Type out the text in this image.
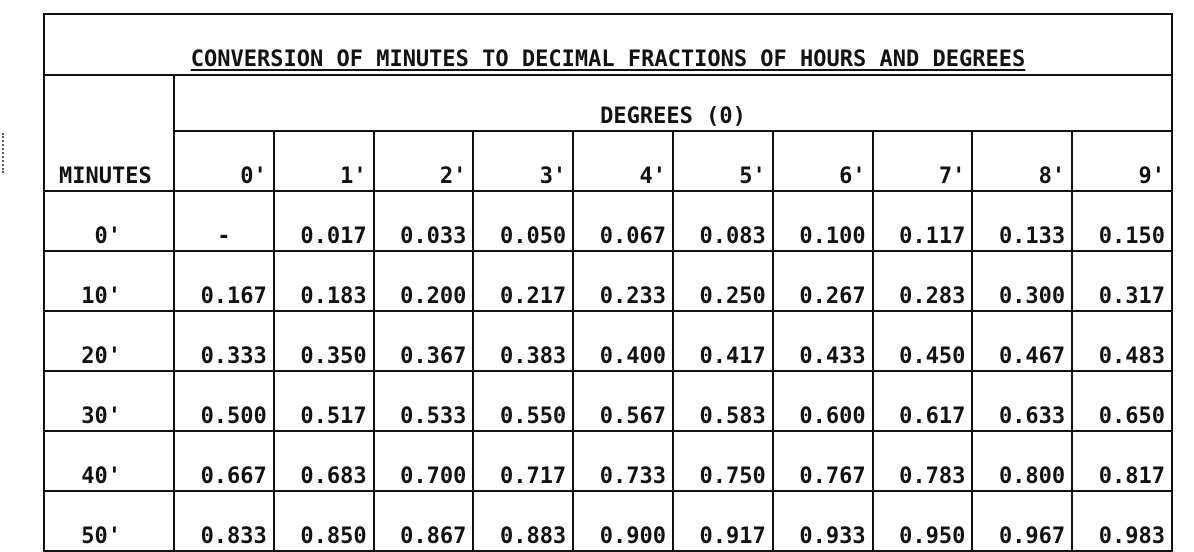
CONVERSION OF MINUTES TO DECIMAL FRACTIONS OF HOURS AND DEGREES										
MINUTES	DEGREES (0)									
	0'	1'	2'	3'	4'	5'	6'	7'	8'	9'
0'	-	0.017	0.033	0.050	0.067	0.083	0.100	0.117	0.133	0.150
10'	0.167	0.183	0.200	0.217	0.233	0.250	0.267	0.283	0.300	0.317
20'	0.333	0.350	0.367	0.383	0.400	0.417	0.433	0.450	0.467	0.483
30'	0.500	0.517	0.533	0.550	0.567	0.583	0.600	0.617	0.633	0.650
40'	0.667	0.683	0.700	0.717	0.733	0.750	0.767	0.783	0.800	0.817
50'	0.833	0.850	0.867	0.883	0.900	0.917	0.933	0.950	0.967	0.983
